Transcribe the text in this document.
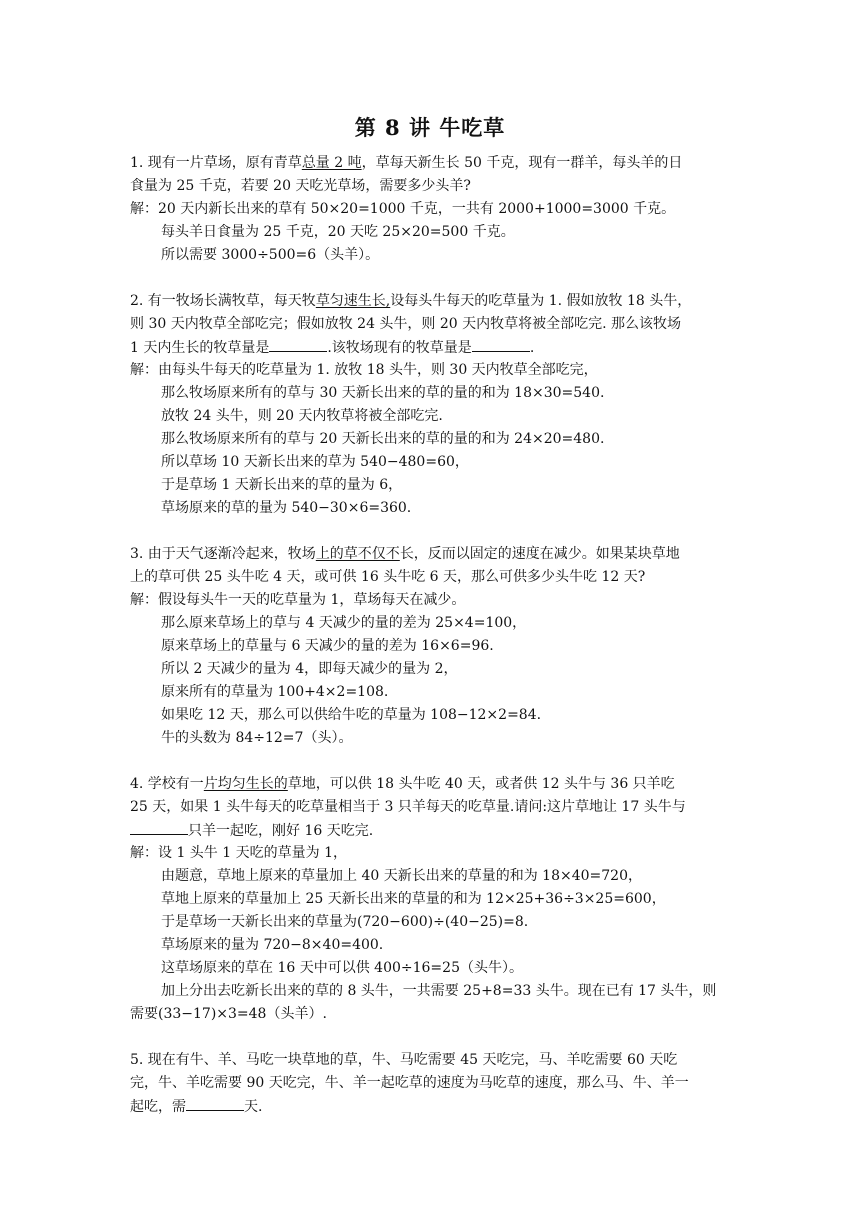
第 8 讲 牛吃草
1. 现有一片草场，原有青草总量 2 吨，草每天新生长 50 千克，现有一群羊，每头羊的日
食量为 25 千克，若要 20 天吃光草场，需要多少头羊?
解：20 天内新长出来的草有 50×20=1000 千克，一共有 2000+1000=3000 千克。
每头羊日食量为 25 千克，20 天吃 25×20=500 千克。
所以需要 3000÷500=6（头羊）。
2. 有一牧场长满牧草，每天牧草匀速生长,设每头牛每天的吃草量为 1. 假如放牧 18 头牛，
则 30 天内牧草全部吃完；假如放牧 24 头牛，则 20 天内牧草将被全部吃完. 那么该牧场
1 天内生长的牧草量是	.该牧场现有的牧草量是	.
解：由每头牛每天的吃草量为 1. 放牧 18 头牛，则 30 天内牧草全部吃完，
那么牧场原来所有的草与 30 天新长出来的草的量的和为 18×30=540.
放牧 24 头牛，则 20 天内牧草将被全部吃完.
那么牧场原来所有的草与 20 天新长出来的草的量的和为 24×20=480.
所以草场 10 天新长出来的草为 540−480=60，
于是草场 1 天新长出来的草的量为 6，
草场原来的草的量为 540−30×6=360.
3. 由于天气逐渐冷起来，牧场上的草不仅不长，反而以固定的速度在减少。如果某块草地
上的草可供 25 头牛吃 4 天，或可供 16 头牛吃 6 天，那么可供多少头牛吃 12 天?
解：假设每头牛一天的吃草量为 1，草场每天在减少。
那么原来草场上的草与 4 天减少的量的差为 25×4=100，
原来草场上的草量与 6 天减少的量的差为 16×6=96.
所以 2 天减少的量为 4，即每天减少的量为 2，
原来所有的草量为 100+4×2=108.
如果吃 12 天，那么可以供给牛吃的草量为 108−12×2=84.
牛的头数为 84÷12=7（头）。
4. 学校有一片均匀生长的草地，可以供 18 头牛吃 40 天，或者供 12 头牛与 36 只羊吃
25 天，如果 1 头牛每天的吃草量相当于 3 只羊每天的吃草量.请问:这片草地让 17 头牛与
只羊一起吃，刚好 16 天吃完.
解：设 1 头牛 1 天吃的草量为 1，
由题意，草地上原来的草量加上 40 天新长出来的草量的和为 18×40=720，
草地上原来的草量加上 25 天新长出来的草量的和为 12×25+36÷3×25=600，
于是草场一天新长出来的草量为(720−600)÷(40−25)=8.
草场原来的量为 720−8×40=400.
这草场原来的草在 16 天中可以供 400÷16=25（头牛）。
加上分出去吃新长出来的草的 8 头牛，一共需要 25+8=33 头牛。现在已有 17 头牛，则
需要(33−17)×3=48（头羊）.
5. 现在有牛、羊、马吃一块草地的草，牛、马吃需要 45 天吃完，马、羊吃需要 60 天吃
完，牛、羊吃需要 90 天吃完，牛、羊一起吃草的速度为马吃草的速度，那么马、牛、羊一
起吃，需	天.
